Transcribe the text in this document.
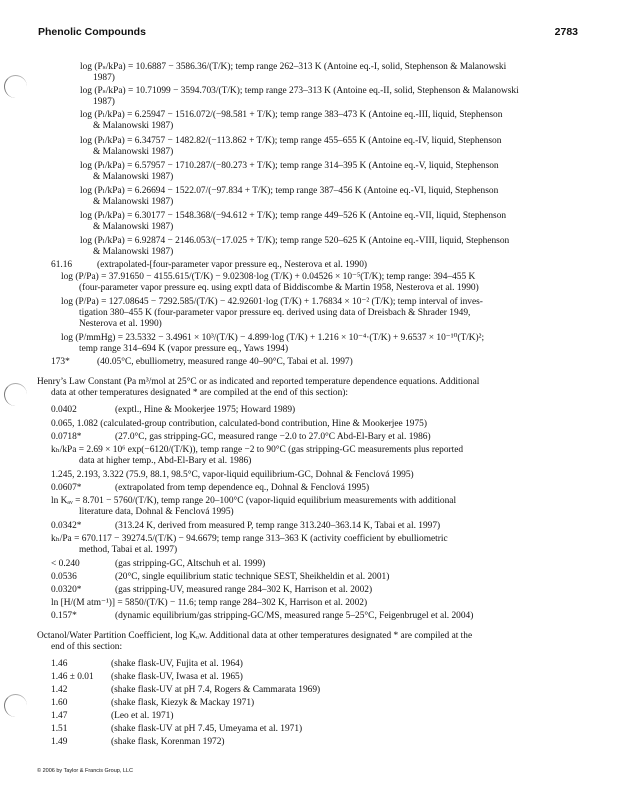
Phenolic Compounds	2783
log (Pₛ/kPa) = 10.6887 − 3586.36/(T/K); temp range 262–313 K (Antoine eq.-I, solid, Stephenson & Malanowski
1987)
log (Pₛ/kPa) = 10.71099 − 3594.703/(T/K); temp range 273–313 K (Antoine eq.-II, solid, Stephenson & Malanowski
1987)
log (Pₗ/kPa) = 6.25947 − 1516.072/(−98.581 + T/K); temp range 383–473 K (Antoine eq.-III, liquid, Stephenson
& Malanowski 1987)
log (Pₗ/kPa) = 6.34757 − 1482.82/(−113.862 + T/K); temp range 455–655 K (Antoine eq.-IV, liquid, Stephenson
& Malanowski 1987)
log (Pₗ/kPa) = 6.57957 − 1710.287/(−80.273 + T/K); temp range 314–395 K (Antoine eq.-V, liquid, Stephenson
& Malanowski 1987)
log (Pₗ/kPa) = 6.26694 − 1522.07/(−97.834 + T/K); temp range 387–456 K (Antoine eq.-VI, liquid, Stephenson
& Malanowski 1987)
log (Pₗ/kPa) = 6.30177 − 1548.368/(−94.612 + T/K); temp range 449–526 K (Antoine eq.-VII, liquid, Stephenson
& Malanowski 1987)
log (Pₗ/kPa) = 6.92874 − 2146.053/(−17.025 + T/K); temp range 520–625 K (Antoine eq.-VIII, liquid, Stephenson
& Malanowski 1987)
61.16	(extrapolated-[four-parameter vapor pressure eq., Nesterova et al. 1990)
log (P/Pa) = 37.91650 − 4155.615/(T/K) − 9.02308·log (T/K) + 0.04526 × 10⁻⁵(T/K); temp range: 394–455 K
(four-parameter vapor pressure eq. using exptl data of Biddiscombe & Martin 1958, Nesterova et al. 1990)
log (P/Pa) = 127.08645 − 7292.585/(T/K) − 42.92601·log (T/K) + 1.76834 × 10⁻² (T/K); temp interval of inves-
tigation 380–455 K (four-parameter vapor pressure eq. derived using data of Dreisbach & Shrader 1949,
Nesterova et al. 1990)
log (P/mmHg) = 23.5332 − 3.4961 × 10³/(T/K) − 4.899·log (T/K) + 1.216 × 10⁻⁴·(T/K) + 9.6537 × 10⁻¹⁰(T/K)²;
temp range 314–694 K (vapor pressure eq., Yaws 1994)
173*	(40.05°C, ebulliometry, measured range 40–90°C, Tabai et al. 1997)
Henry’s Law Constant (Pa m³/mol at 25°C or as indicated and reported temperature dependence equations. Additional
data at other temperatures designated * are compiled at the end of this section):
0.0402	(exptl., Hine & Mookerjee 1975; Howard 1989)
0.065, 1.082 (calculated-group contribution, calculated-bond contribution, Hine & Mookerjee 1975)
0.0718*	(27.0°C, gas stripping-GC, measured range −2.0 to 27.0°C Abd-El-Bary et al. 1986)
kₕ/kPa = 2.69 × 10⁶ exp(−6120/(T/K)), temp range −2 to 90°C (gas stripping-GC measurements plus reported
data at higher temp., Abd-El-Bary et al. 1986)
1.245, 2.193, 3.322 (75.9, 88.1, 98.5°C, vapor-liquid equilibrium-GC, Dohnal & Fenclová 1995)
0.0607*	(extrapolated from temp dependence eq., Dohnal & Fenclová 1995)
ln Kₐᵥ = 8.701 − 5760/(T/K), temp range 20–100°C (vapor-liquid equilibrium measurements with additional
literature data, Dohnal & Fenclová 1995)
0.0342*	(313.24 K, derived from measured P, temp range 313.240–363.14 K, Tabai et al. 1997)
kₕ/Pa = 670.117 − 39274.5/(T/K) − 94.6679; temp range 313–363 K (activity coefficient by ebulliometric
method, Tabai et al. 1997)
< 0.240	(gas stripping-GC, Altschuh et al. 1999)
0.0536	(20°C, single equilibrium static technique SEST, Sheikheldin et al. 2001)
0.0320*	(gas stripping-UV, measured range 284–302 K, Harrison et al. 2002)
ln [H/(M atm⁻¹)] = 5850/(T/K) − 11.6; temp range 284–302 K, Harrison et al. 2002)
0.157*	(dynamic equilibrium/gas stripping-GC/MS, measured range 5–25°C, Feigenbrugel et al. 2004)
Octanol/Water Partition Coefficient, log Kₒw. Additional data at other temperatures designated * are compiled at the
end of this section:
1.46	(shake flask-UV, Fujita et al. 1964)
1.46 ± 0.01 (shake flask-UV, Iwasa et al. 1965)
1.42	(shake flask-UV at pH 7.4, Rogers & Cammarata 1969)
1.60	(shake flask, Kiezyk & Mackay 1971)
1.47	(Leo et al. 1971)
1.51	(shake flask-UV at pH 7.45, Umeyama et al. 1971)
1.49	(shake flask, Korenman 1972)
© 2006 by Taylor & Francis Group, LLC
